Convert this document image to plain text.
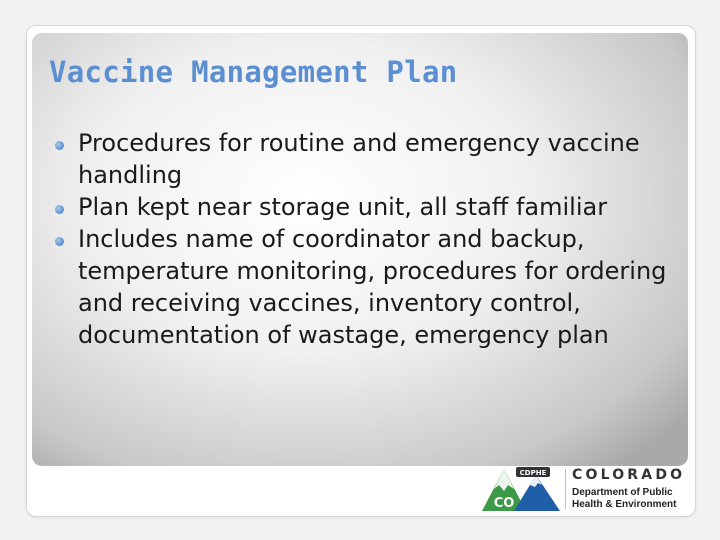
Vaccine Management Plan
Procedures for routine and emergency vaccine handling
Plan kept near storage unit, all staff familiar
Includes name of coordinator and backup, temperature monitoring, procedures for ordering and receiving vaccines, inventory control, documentation of wastage, emergency plan
CDPHE
CO
COLORADO
Department of Public
Health & Environment
